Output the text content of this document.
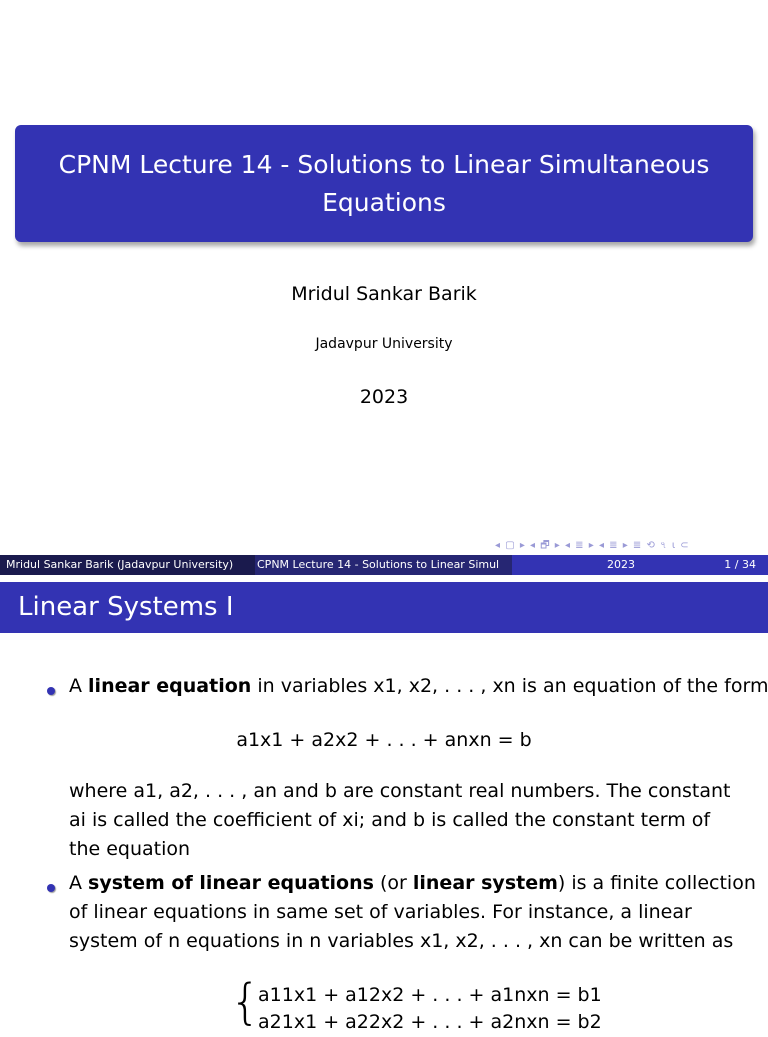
CPNM Lecture 14 - Solutions to Linear Simultaneous
Equations
Mridul Sankar Barik
Jadavpur University
2023
◂ ▢ ▸ ◂ 🗗 ▸ ◂ ≣ ▸ ◂ ≣ ▸ ≣ ⟲ ৭ ⍳ ⊂
Mridul Sankar Barik (Jadavpur University) CPNM Lecture 14 - Solutions to Linear Simul	2023	1 / 34
Linear Systems I
A linear equation in variables x1, x2, . . . , xn is an equation of the form
a1x1 + a2x2 + . . . + anxn = b
where a1, a2, . . . , an and b are constant real numbers. The constant
ai is called the coefficient of xi; and b is called the constant term of
the equation
A system of linear equations (or linear system) is a finite collection
of linear equations in same set of variables. For instance, a linear
system of n equations in n variables x1, x2, . . . , xn can be written as
{
a11x1 + a12x2 + . . . + a1nxn = b1
a21x1 + a22x2 + . . . + a2nxn = b2
